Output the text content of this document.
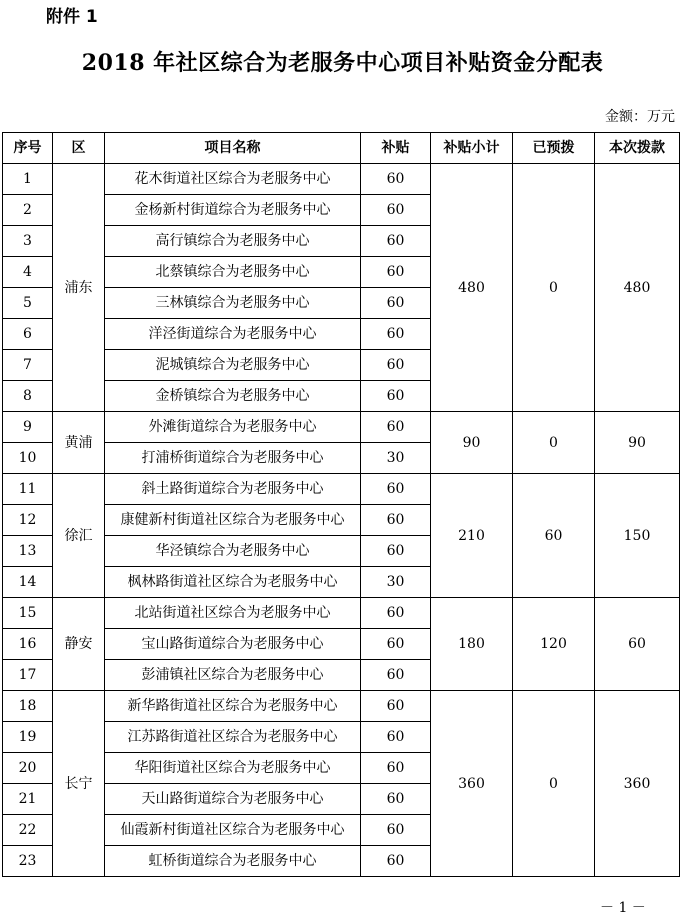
附件 1
2018 年社区综合为老服务中心项目补贴资金分配表
金额：万元
序号	区	项目名称	补贴	补贴小计	已预拨	本次拨款
1	浦东	花木街道社区综合为老服务中心	60	480	0	480
2		金杨新村街道综合为老服务中心	60			
3		高行镇综合为老服务中心	60			
4		北蔡镇综合为老服务中心	60			
5		三林镇综合为老服务中心	60			
6		洋泾街道综合为老服务中心	60			
7		泥城镇综合为老服务中心	60			
8		金桥镇综合为老服务中心	60			
9	黄浦	外滩街道综合为老服务中心	60	90	0	90
10		打浦桥街道综合为老服务中心	30			
11	徐汇	斜土路街道综合为老服务中心	60	210	60	150
12		康健新村街道社区综合为老服务中心	60			
13		华泾镇综合为老服务中心	60			
14		枫林路街道社区综合为老服务中心	30			
15	静安	北站街道社区综合为老服务中心	60	180	120	60
16		宝山路街道综合为老服务中心	60			
17		彭浦镇社区综合为老服务中心	60			
18	长宁	新华路街道社区综合为老服务中心	60	360	0	360
19		江苏路街道社区综合为老服务中心	60			
20		华阳街道社区综合为老服务中心	60			
21		天山路街道综合为老服务中心	60			
22		仙霞新村街道社区综合为老服务中心	60			
23		虹桥街道综合为老服务中心	60			
－ 1 －
